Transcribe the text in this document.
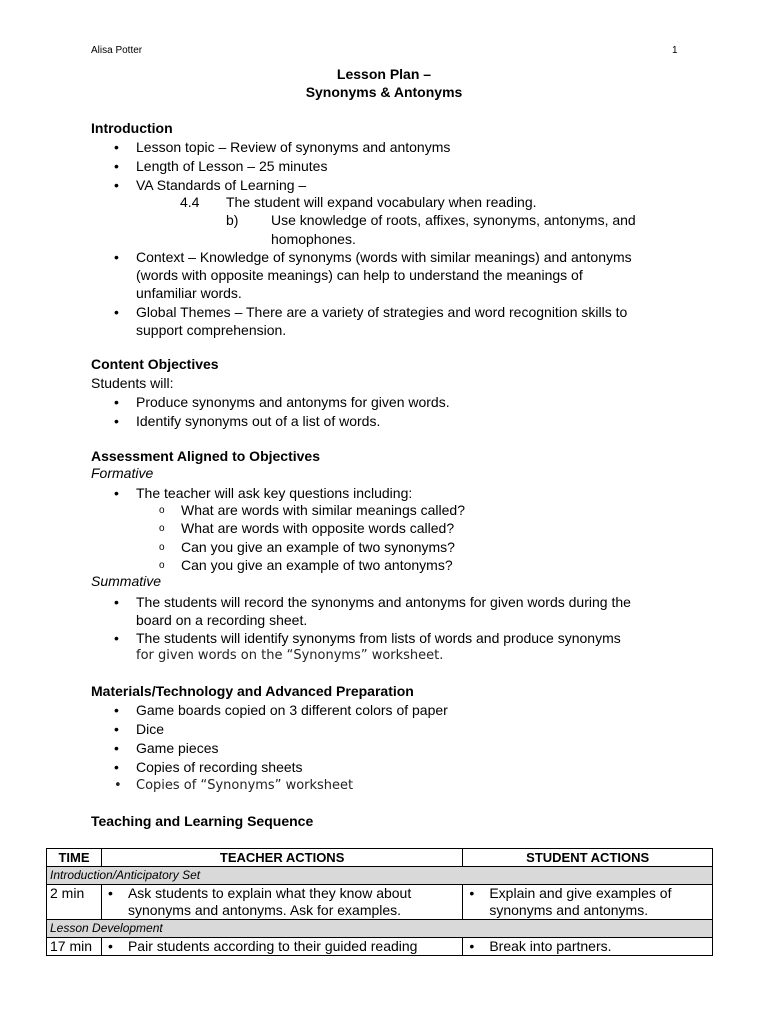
Alisa Potter	1
Lesson Plan –
Synonyms & Antonyms
Introduction
• Lesson topic – Review of synonyms and antonyms
• Length of Lesson – 25 minutes
• VA Standards of Learning –
4.4 The student will expand vocabulary when reading.
b) Use knowledge of roots, affixes, synonyms, antonyms, and
homophones.
• Context – Knowledge of synonyms (words with similar meanings) and antonyms
(words with opposite meanings) can help to understand the meanings of
unfamiliar words.
• Global Themes – There are a variety of strategies and word recognition skills to
support comprehension.
Content Objectives
Students will:
• Produce synonyms and antonyms for given words.
• Identify synonyms out of a list of words.
Assessment Aligned to Objectives
Formative
• The teacher will ask key questions including:
o What are words with similar meanings called?
o What are words with opposite words called?
o Can you give an example of two synonyms?
o Can you give an example of two antonyms?
Summative
• The students will record the synonyms and antonyms for given words during the
board on a recording sheet.
• The students will identify synonyms from lists of words and produce synonyms
for given words on the “Synonyms” worksheet.
Materials/Technology and Advanced Preparation
• Game boards copied on 3 different colors of paper
• Dice
• Game pieces
• Copies of recording sheets
• Copies of “Synonyms” worksheet
Teaching and Learning Sequence
TIME	TEACHER ACTIONS	STUDENT ACTIONS
Introduction/Anticipatory Set		
2 min	• Ask students to explain what they know about synonyms and antonyms. Ask for examples.	• Explain and give examples of synonyms and antonyms.
Lesson Development		
17 min	• Pair students according to their guided reading	• Break into partners.
